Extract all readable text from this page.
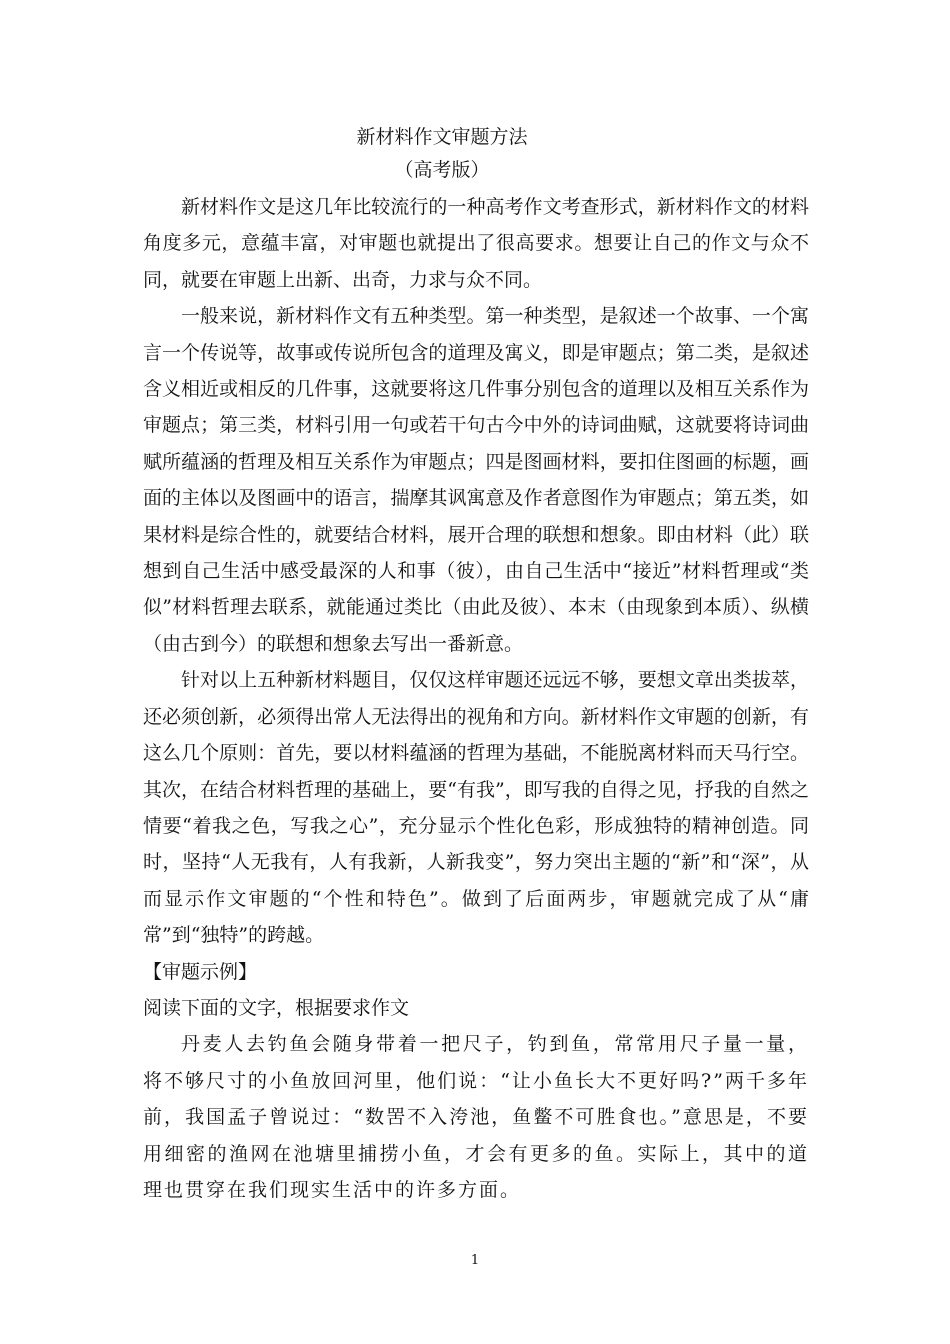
新材料作文审题方法
（高考版）

新材料作文是这几年比较流行的一种高考作文考查形式，新材料作文的材料角度多元，意蕴丰富，对审题也就提出了很高要求。想要让自己的作文与众不同，就要在审题上出新、出奇，力求与众不同。

一般来说，新材料作文有五种类型。第一种类型，是叙述一个故事、一个寓言一个传说等，故事或传说所包含的道理及寓义，即是审题点；第二类，是叙述含义相近或相反的几件事，这就要将这几件事分别包含的道理以及相互关系作为审题点；第三类，材料引用一句或若干句古今中外的诗词曲赋，这就要将诗词曲赋所蕴涵的哲理及相互关系作为审题点；四是图画材料，要扣住图画的标题，画面的主体以及图画中的语言，揣摩其讽寓意及作者意图作为审题点；第五类，如果材料是综合性的，就要结合材料，展开合理的联想和想象。即由材料（此）联想到自己生活中感受最深的人和事（彼），由自己生活中“接近”材料哲理或“类似”材料哲理去联系，就能通过类比（由此及彼）、本末（由现象到本质）、纵横（由古到今）的联想和想象去写出一番新意。

针对以上五种新材料题目，仅仅这样审题还远远不够，要想文章出类拔萃，还必须创新，必须得出常人无法得出的视角和方向。新材料作文审题的创新，有这么几个原则：首先，要以材料蕴涵的哲理为基础，不能脱离材料而天马行空。其次，在结合材料哲理的基础上，要“有我”，即写我的自得之见，抒我的自然之情要“着我之色，写我之心”，充分显示个性化色彩，形成独特的精神创造。同时，坚持“人无我有，人有我新，人新我变”，努力突出主题的“新”和“深”，从而显示作文审题的“个性和特色”。做到了后面两步，审题就完成了从“庸常”到“独特”的跨越。

【审题示例】

阅读下面的文字，根据要求作文

丹麦人去钓鱼会随身带着一把尺子，钓到鱼，常常用尺子量一量，将不够尺寸的小鱼放回河里，他们说：“让小鱼长大不更好吗?”两千多年前，我国孟子曾说过：“数罟不入洿池，鱼鳖不可胜食也。”意思是，不要用细密的渔网在池塘里捕捞小鱼，才会有更多的鱼。实际上，其中的道理也贯穿在我们现实生活中的许多方面。

1
